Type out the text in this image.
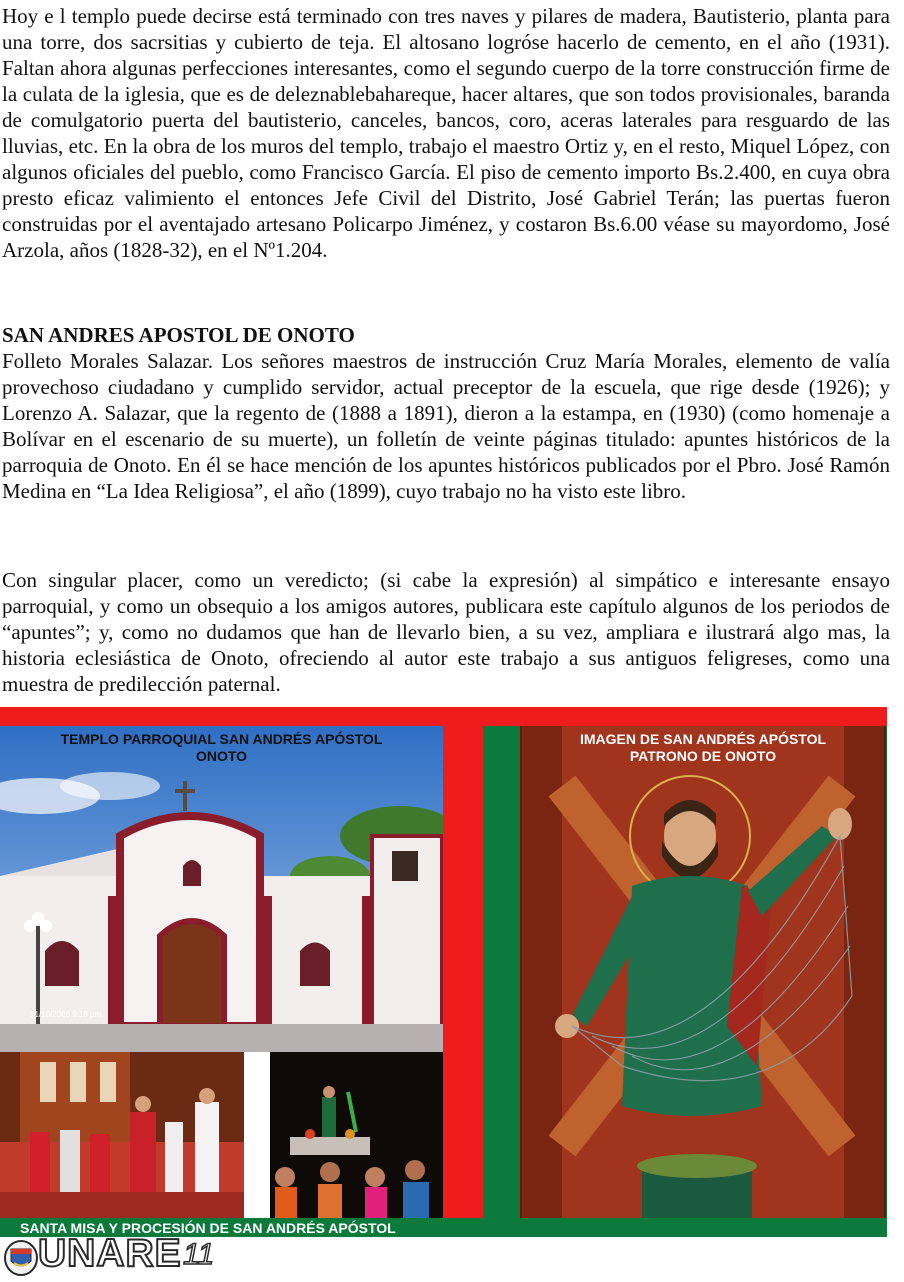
Hoy e l templo puede decirse está terminado con tres naves y pilares de madera, Bautisterio, planta para una torre, dos sacrsitias y cubierto de teja. El altosano logróse hacerlo de cemento, en el año (1931). Faltan ahora algunas perfecciones interesantes, como el segundo cuerpo de la torre construcción firme de la culata de la iglesia, que es de deleznablebahareque, hacer altares, que son todos provisionales, baranda de comulgatorio puerta del bautisterio, canceles, bancos, coro, aceras laterales para resguardo de las lluvias, etc. En la obra de los muros del templo, trabajo el maestro Ortiz y, en el resto, Miquel López, con algunos oficiales del pueblo, como Francisco García. El piso de cemento importo Bs.2.400, en cuya obra presto eficaz valimiento el entonces Jefe Civil del Distrito, José Gabriel Terán; las puertas fueron construidas por el aventajado artesano Policarpo Jiménez, y costaron Bs.6.00 véase su mayordomo, José Arzola, años (1828-32), en el Nº1.204.

SAN ANDRES APOSTOL DE ONOTO

Folleto Morales Salazar. Los señores maestros de instrucción Cruz María Morales, elemento de valía provechoso ciudadano y cumplido servidor, actual preceptor de la escuela, que rige desde (1926); y Lorenzo A. Salazar, que la regento de (1888 a 1891), dieron a la estampa, en (1930) (como homenaje a Bolívar en el escenario de su muerte), un folletín de veinte páginas titulado: apuntes históricos de la parroquia de Onoto. En él se hace mención de los apuntes históricos publicados por el Pbro. José Ramón Medina en “La Idea Religiosa”, el año (1899), cuyo trabajo no ha visto este libro.

Con singular placer, como un veredicto; (si cabe la expresión) al simpático e interesante ensayo parroquial, y como un obsequio a los amigos autores, publicara este capítulo algunos de los periodos de “apuntes”; y, como no dudamos que han de llevarlo bien, a su vez, ampliara e ilustrará algo mas, la historia eclesiástica de Onoto, ofreciendo al autor este trabajo a sus antiguos feligreses, como una muestra de predilección paternal.

TEMPLO PARROQUIAL SAN ANDRÉS APÓSTOL
ONOTO
01/10/2006 9:18 pm
IMAGEN DE SAN ANDRÉS APÓSTOL
PATRONO DE ONOTO
SANTA MISA Y PROCESIÓN DE SAN ANDRÉS APÓSTOL
UNARE 11
